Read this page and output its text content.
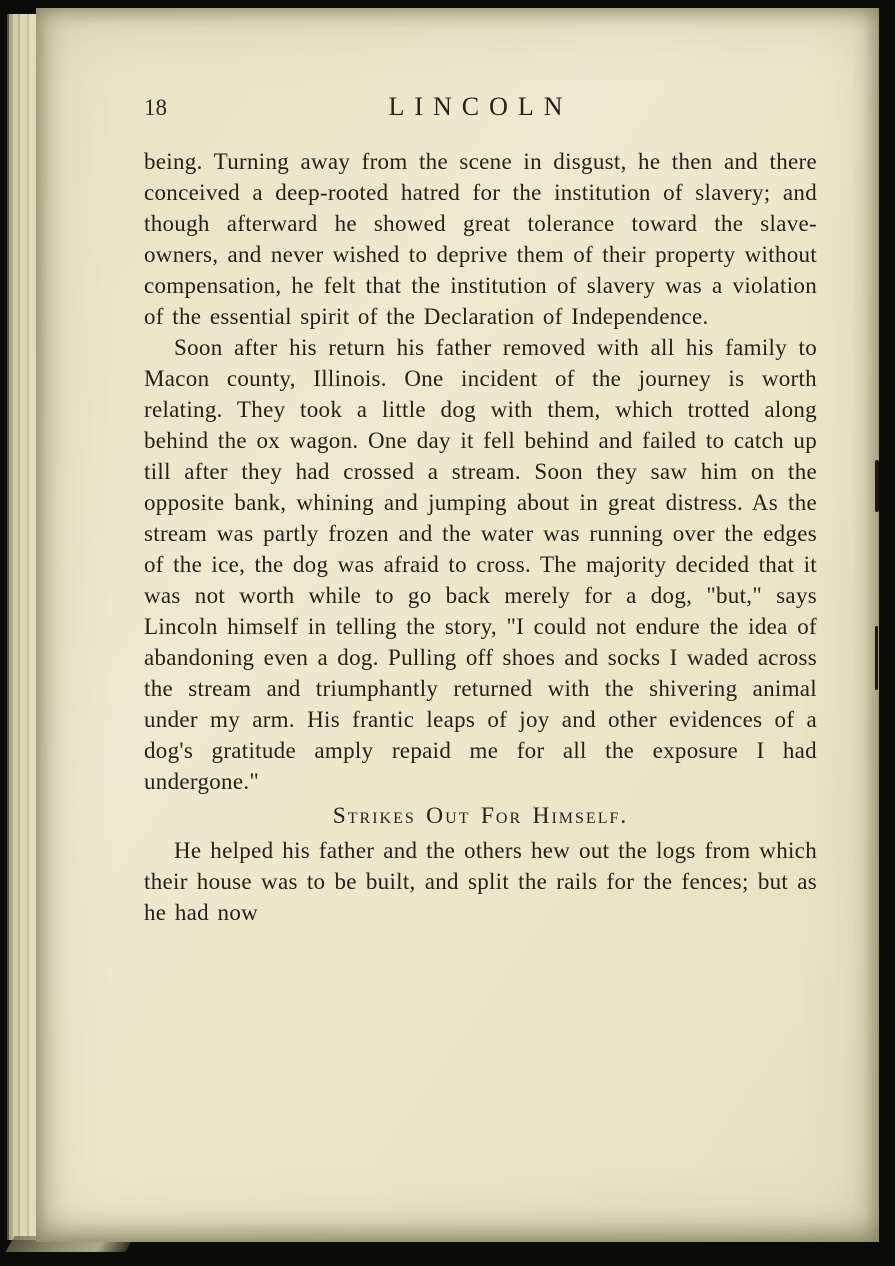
18	LINCOLN

being. Turning away from the scene in disgust, he then and there conceived a deep-rooted hatred for the institution of slavery; and though afterward he showed great tolerance toward the slave-owners, and never wished to deprive them of their property without compensation, he felt that the institution of slavery was a violation of the essential spirit of the Declaration of Independence.

Soon after his return his father removed with all his family to Macon county, Illinois. One incident of the journey is worth relating. They took a little dog with them, which trotted along behind the ox wagon. One day it fell behind and failed to catch up till after they had crossed a stream. Soon they saw him on the opposite bank, whining and jumping about in great distress. As the stream was partly frozen and the water was running over the edges of the ice, the dog was afraid to cross. The majority decided that it was not worth while to go back merely for a dog, "but," says Lincoln himself in telling the story, "I could not endure the idea of abandoning even a dog. Pulling off shoes and socks I waded across the stream and triumphantly returned with the shivering animal under my arm. His frantic leaps of joy and other evidences of a dog's gratitude amply repaid me for all the exposure I had undergone."

Strikes Out For Himself.

He helped his father and the others hew out the logs from which their house was to be built, and split the rails for the fences; but as he had now
